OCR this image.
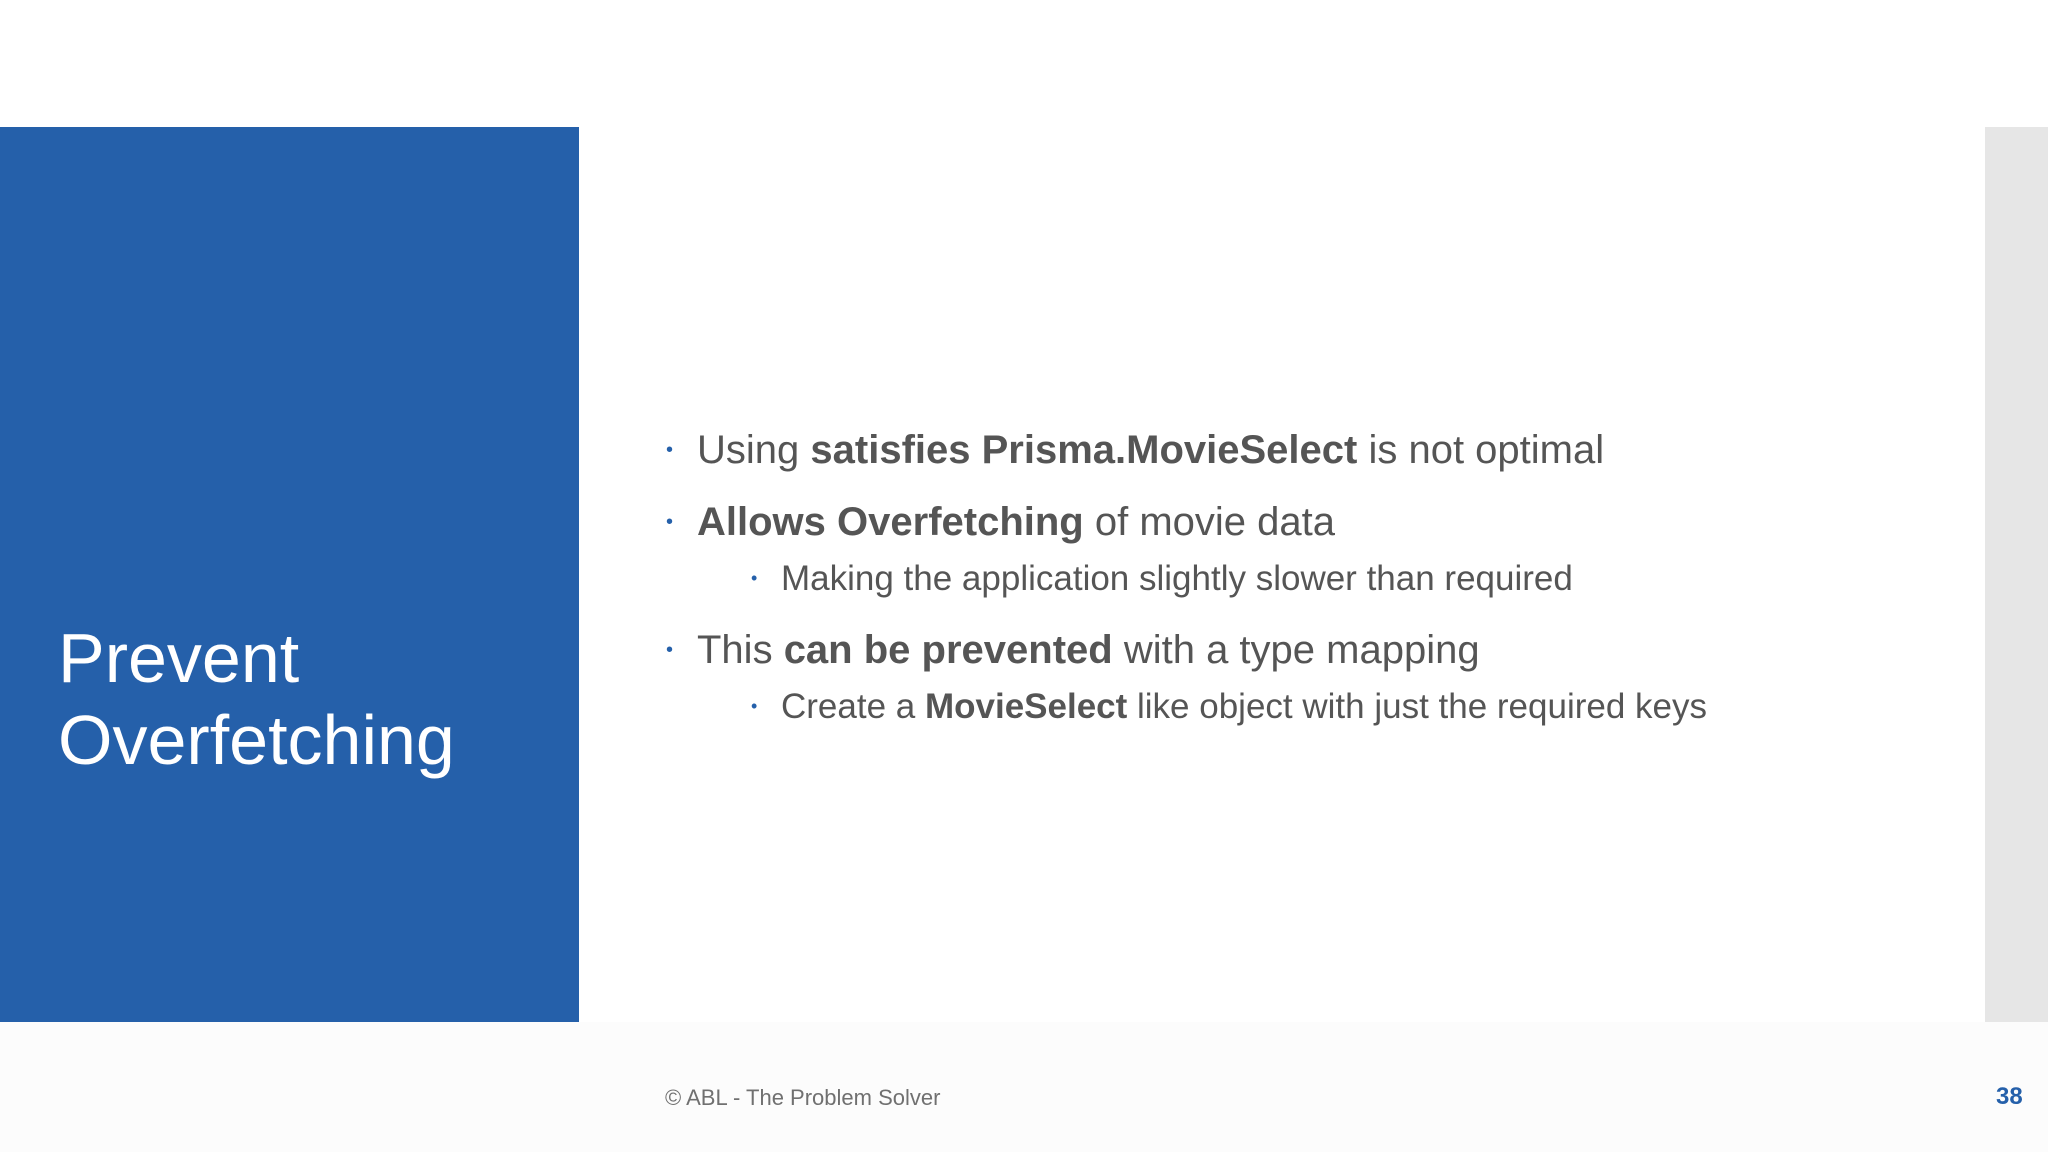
Prevent
Overfetching
• Using satisfies Prisma.MovieSelect is not optimal
• Allows Overfetching of movie data
• Making the application slightly slower than required
• This can be prevented with a type mapping
• Create a MovieSelect like object with just the required keys
© ABL - The Problem Solver	38
